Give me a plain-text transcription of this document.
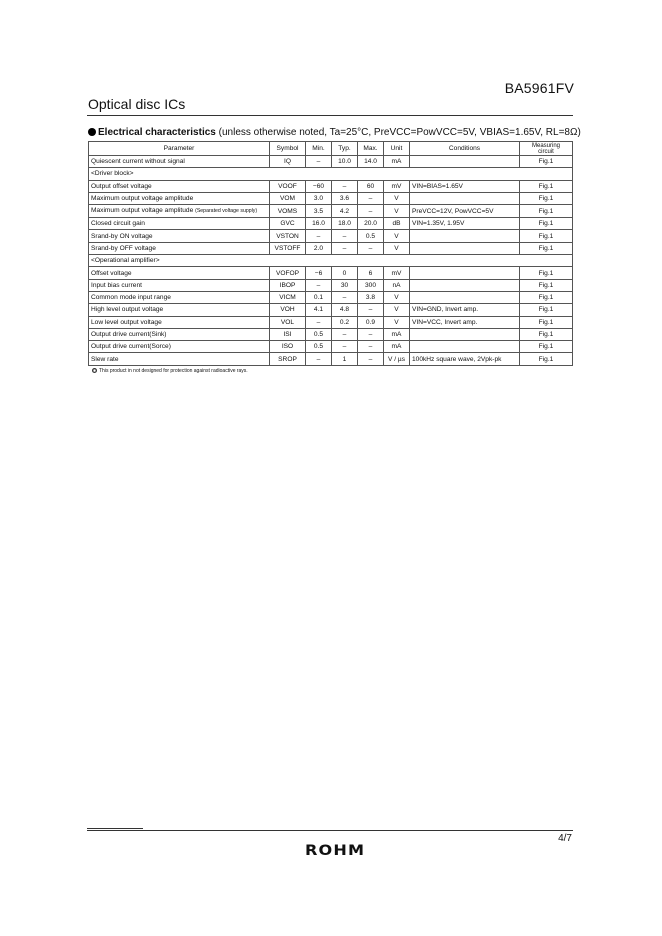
BA5961FV
Optical disc ICs
Electrical characteristics (unless otherwise noted, Ta=25°C, PreVCC=PowVCC=5V, VBIAS=1.65V, RL=8Ω)
Parameter	Symbol	Min.	Typ.	Max.	Unit	Conditions	Measuring
circuit
Quiescent current without signal	IQ	–	10.0	14.0	mA		Fig.1
<Driver block>							
Output offset voltage	VOOF	−60	–	60	mV	VIN=BIAS=1.65V	Fig.1
Maximum output voltage amplitude	VOM	3.0	3.6	–	V		Fig.1
Maximum output voltage amplitude (Separated voltage supply)	VOMS	3.5	4.2	–	V	PreVCC=12V, PowVCC=5V	Fig.1
Closed circuit gain	GVC	16.0	18.0	20.0	dB	VIN=1.35V, 1.95V	Fig.1
Srand-by ON voltage	VSTON	–	–	0.5	V		Fig.1
Srand-by OFF voltage	VSTOFF	2.0	–	–	V		Fig.1
<Operational amplifier>							
Offset voltage	VOFOP	−6	0	6	mV		Fig.1
Input bias current	IBOP	–	30	300	nA		Fig.1
Common mode input range	VICM	0.1	–	3.8	V		Fig.1
High level output voltage	VOH	4.1	4.8	–	V	VIN=GND, Invert amp.	Fig.1
Low level output voltage	VOL	–	0.2	0.9	V	VIN=VCC, Invert amp.	Fig.1
Output drive current(Sink)	ISI	0.5	–	–	mA		Fig.1
Output drive current(Sorce)	ISO	0.5	–	–	mA		Fig.1
Slew rate	SROP	–	1	–	V / µs	100kHz square wave, 2Vpk-pk	Fig.1
✱ This product in not designed for protection against radioactive rays.
4/7
ROHM
